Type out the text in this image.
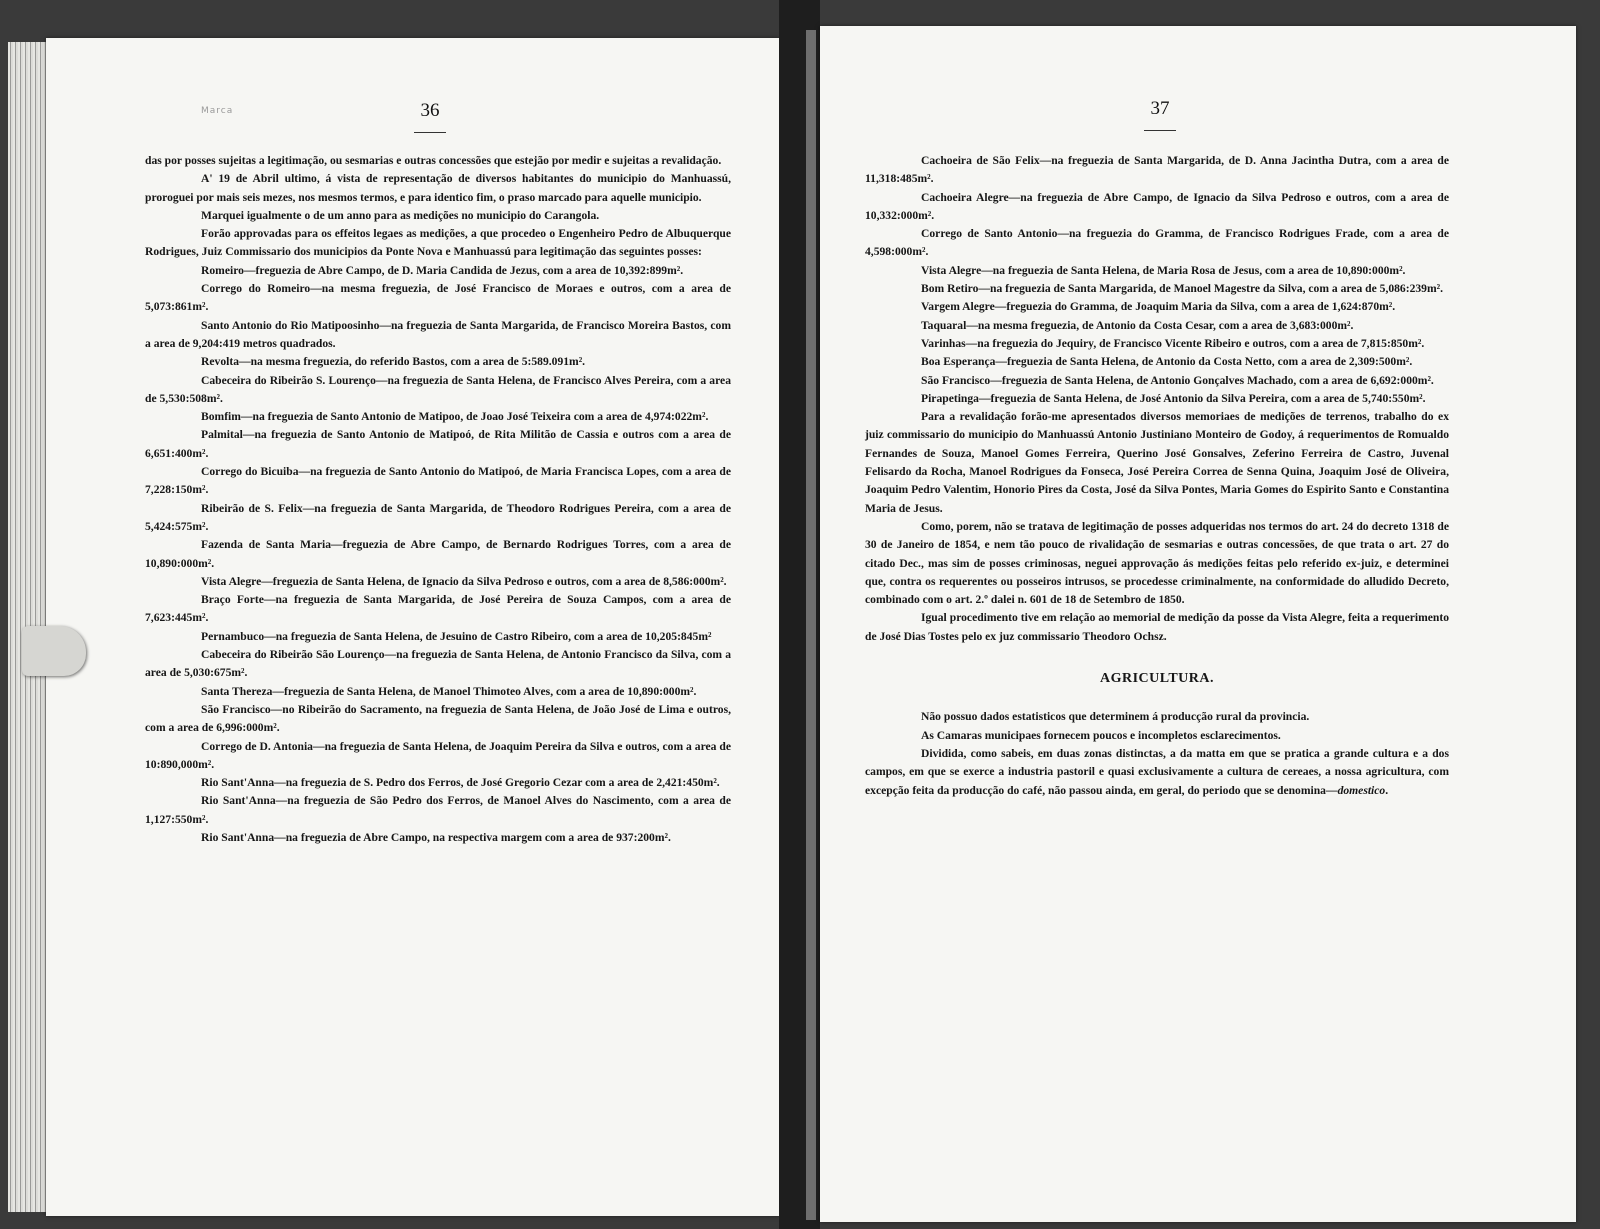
Marca	36

das por posses sujeitas a legitimação, ou sesmarias e outras concessões que estejão por medir e sujeitas a revalidação.

A' 19 de Abril ultimo, á vista de representação de diversos habitantes do municipio do Manhuassú, proroguei por mais seis mezes, nos mesmos termos, e para identico fim, o praso marcado para aquelle municipio.

Marquei igualmente o de um anno para as medições no municipio do Carangola.

Forão approvadas para os effeitos legaes as medições, a que procedeo o Engenheiro Pedro de Albuquerque Rodrigues, Juiz Commissario dos municipios da Ponte Nova e Manhuassú para legitimação das seguintes posses:

Romeiro—freguezia de Abre Campo, de D. Maria Candida de Jezus, com a area de 10,392:899m².

Corrego do Romeiro—na mesma freguezia, de José Francisco de Moraes e outros, com a area de 5,073:861m².

Santo Antonio do Rio Matipoosinho—na freguezia de Santa Margarida, de Francisco Moreira Bastos, com a area de 9,204:419 metros quadrados.

Revolta—na mesma freguezia, do referido Bastos, com a area de 5:589.091m².

Cabeceira do Ribeirão S. Lourenço—na freguezia de Santa Helena, de Francisco Alves Pereira, com a area de 5,530:508m².

Bomfim—na freguezia de Santo Antonio de Matipoo, de Joao José Teixeira com a area de 4,974:022m².

Palmital—na freguezia de Santo Antonio de Matipoó, de Rita Militão de Cassia e outros com a area de 6,651:400m².

Corrego do Bicuiba—na freguezia de Santo Antonio do Matipoó, de Maria Francisca Lopes, com a area de 7,228:150m².

Ribeirão de S. Felix—na freguezia de Santa Margarida, de Theodoro Rodrigues Pereira, com a area de 5,424:575m².

Fazenda de Santa Maria—freguezia de Abre Campo, de Bernardo Rodrigues Torres, com a area de 10,890:000m².

Vista Alegre—freguezia de Santa Helena, de Ignacio da Silva Pedroso e outros, com a area de 8,586:000m².

Braço Forte—na freguezia de Santa Margarida, de José Pereira de Souza Campos, com a area de 7,623:445m².

Pernambuco—na freguezia de Santa Helena, de Jesuino de Castro Ribeiro, com a area de 10,205:845m²

Cabeceira do Ribeirão São Lourenço—na freguezia de Santa Helena, de Antonio Francisco da Silva, com a area de 5,030:675m².

Santa Thereza—freguezia de Santa Helena, de Manoel Thimoteo Alves, com a area de 10,890:000m².

São Francisco—no Ribeirão do Sacramento, na freguezia de Santa Helena, de João José de Lima e outros, com a area de 6,996:000m².

Corrego de D. Antonia—na freguezia de Santa Helena, de Joaquim Pereira da Silva e outros, com a area de 10:890,000m².

Rio Sant'Anna—na freguezia de S. Pedro dos Ferros, de José Gregorio Cezar com a area de 2,421:450m².

Rio Sant'Anna—na freguezia de São Pedro dos Ferros, de Manoel Alves do Nascimento, com a area de 1,127:550m².

Rio Sant'Anna—na freguezia de Abre Campo, na respectiva margem com a area de 937:200m².

37

Cachoeira de São Felix—na freguezia de Santa Margarida, de D. Anna Jacintha Dutra, com a area de 11,318:485m².

Cachoeira Alegre—na freguezia de Abre Campo, de Ignacio da Silva Pedroso e outros, com a area de 10,332:000m².

Corrego de Santo Antonio—na freguezia do Gramma, de Francisco Rodrigues Frade, com a area de 4,598:000m².

Vista Alegre—na freguezia de Santa Helena, de Maria Rosa de Jesus, com a area de 10,890:000m².

Bom Retiro—na freguezia de Santa Margarida, de Manoel Magestre da Silva, com a area de 5,086:239m².

Vargem Alegre—freguezia do Gramma, de Joaquim Maria da Silva, com a area de 1,624:870m².

Taquaral—na mesma freguezia, de Antonio da Costa Cesar, com a area de 3,683:000m².

Varinhas—na freguezia do Jequiry, de Francisco Vicente Ribeiro e outros, com a area de 7,815:850m².

Boa Esperança—freguezia de Santa Helena, de Antonio da Costa Netto, com a area de 2,309:500m².

São Francisco—freguezia de Santa Helena, de Antonio Gonçalves Machado, com a area de 6,692:000m².

Pirapetinga—freguezia de Santa Helena, de José Antonio da Silva Pereira, com a area de 5,740:550m².

Para a revalidação forão-me apresentados diversos memoriaes de medições de terrenos, trabalho do ex juiz commissario do municipio do Manhuassú Antonio Justiniano Monteiro de Godoy, á requerimentos de Romualdo Fernandes de Souza, Manoel Gomes Ferreira, Querino José Gonsalves, Zeferino Ferreira de Castro, Juvenal Felisardo da Rocha, Manoel Rodrigues da Fonseca, José Pereira Correa de Senna Quina, Joaquim José de Oliveira, Joaquim Pedro Valentim, Honorio Pires da Costa, José da Silva Pontes, Maria Gomes do Espirito Santo e Constantina Maria de Jesus.

Como, porem, não se tratava de legitimação de posses adqueridas nos termos do art. 24 do decreto 1318 de 30 de Janeiro de 1854, e nem tão pouco de rivalidação de sesmarias e outras concessões, de que trata o art. 27 do citado Dec., mas sim de posses criminosas, neguei approvação ás medições feitas pelo referido ex-juiz, e determinei que, contra os requerentes ou posseiros intrusos, se procedesse criminalmente, na conformidade do alludido Decreto, combinado com o art. 2.º dalei n. 601 de 18 de Setembro de 1850.

Igual procedimento tive em relação ao memorial de medição da posse da Vista Alegre, feita a requerimento de José Dias Tostes pelo ex juz commissario Theodoro Ochsz.

AGRICULTURA.

Não possuo dados estatisticos que determinem á producção rural da provincia.

As Camaras municipaes fornecem poucos e incompletos esclarecimentos.

Dividida, como sabeis, em duas zonas distinctas, a da matta em que se pratica a grande cultura e a dos campos, em que se exerce a industria pastoril e quasi exclusivamente a cultura de cereaes, a nossa agricultura, com excepção feita da producção do café, não passou ainda, em geral, do periodo que se denomina—domestico.
